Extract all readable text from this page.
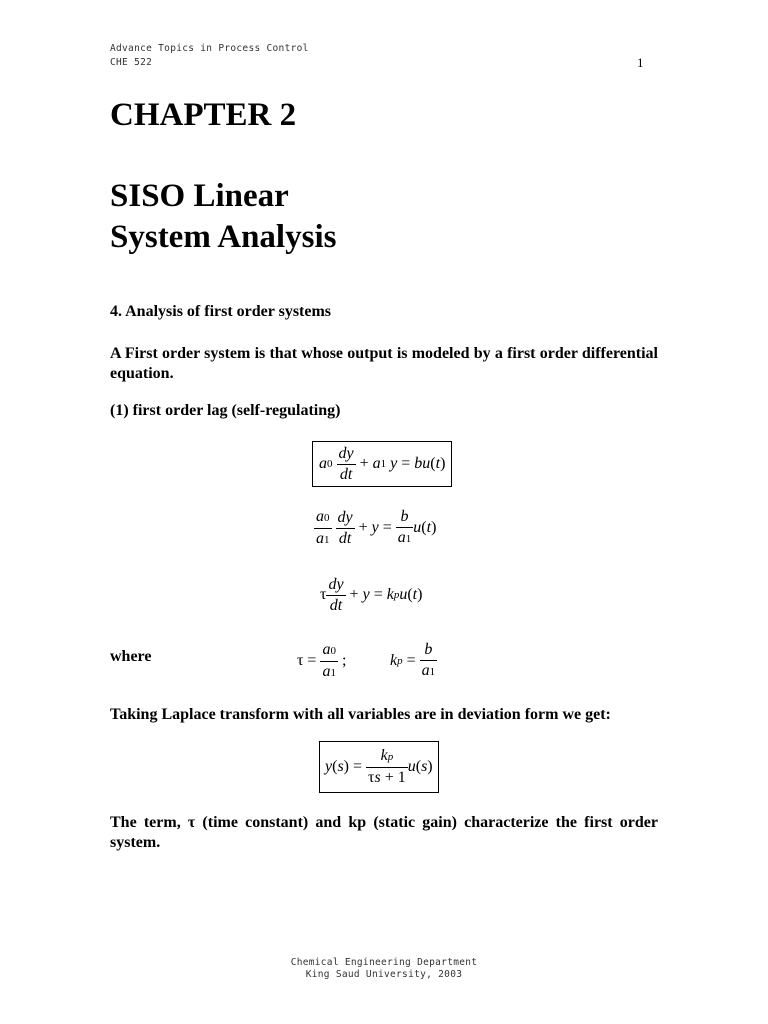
Advance Topics in Process Control
CHE 522	1
CHAPTER 2
SISO Linear
System Analysis
4. Analysis of first order systems
A First order system is that whose output is modeled by a first order differential equation.
(1) first order lag (self-regulating)
a 0
$\frac{dy}{dt} + a$ 1
y = bu ( t )
$\frac{a0}{a1}$
$\frac{dy}{dt} + y = \frac{b}{a1}$ u ( t )
τ $\frac{dy}{dt} + y = k$ p u ( t )
where	$\tau = \frac{a0}{a1}$ ;	k $p = \frac{b}{a1}$
Taking Laplace transform with all variables are in deviation form we get:
y ( s ) = $\frac{kp}{\tau s + 1}$ u ( s )
The term, τ (time constant) and kp (static gain) characterize the first order system.
Chemical Engineering Department
King Saud University, 2003
